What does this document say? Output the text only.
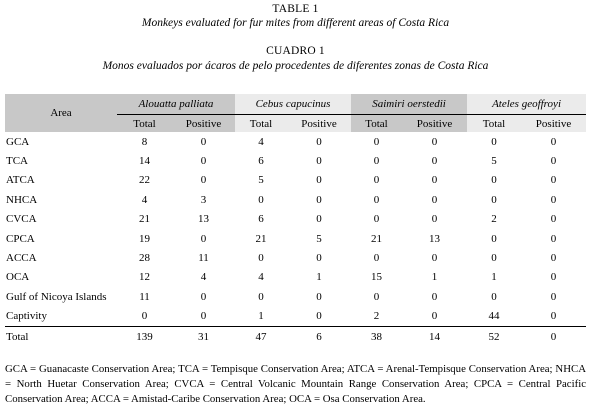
TABLE 1
Monkeys evaluated for fur mites from different areas of Costa Rica
CUADRO 1
Monos evaluados por ácaros de pelo procedentes de diferentes zonas de Costa Rica
Area	Alouatta palliata		Cebus capucinus		Saimiri oerstedii		Ateles geoffroyi	
	Total	Positive	Total	Positive	Total	Positive	Total	Positive
GCA	8	0	4	0	0	0	0	0
TCA	14	0	6	0	0	0	5	0
ATCA	22	0	5	0	0	0	0	0
NHCA	4	3	0	0	0	0	0	0
CVCA	21	13	6	0	0	0	2	0
CPCA	19	0	21	5	21	13	0	0
ACCA	28	11	0	0	0	0	0	0
OCA	12	4	4	1	15	1	1	0
Gulf of Nicoya Islands	11	0	0	0	0	0	0	0
Captivity	0	0	1	0	2	0	44	0
Total	139	31	47	6	38	14	52	0
GCA = Guanacaste Conservation Area; TCA = Tempisque Conservation Area; ATCA = Arenal-Tempisque Conservation Area; NHCA = North Huetar Conservation Area; CVCA = Central Volcanic Mountain Range Conservation Area; CPCA = Central Pacific Conservation Area; ACCA = Amistad-Caribe Conservation Area; OCA = Osa Conservation Area.
